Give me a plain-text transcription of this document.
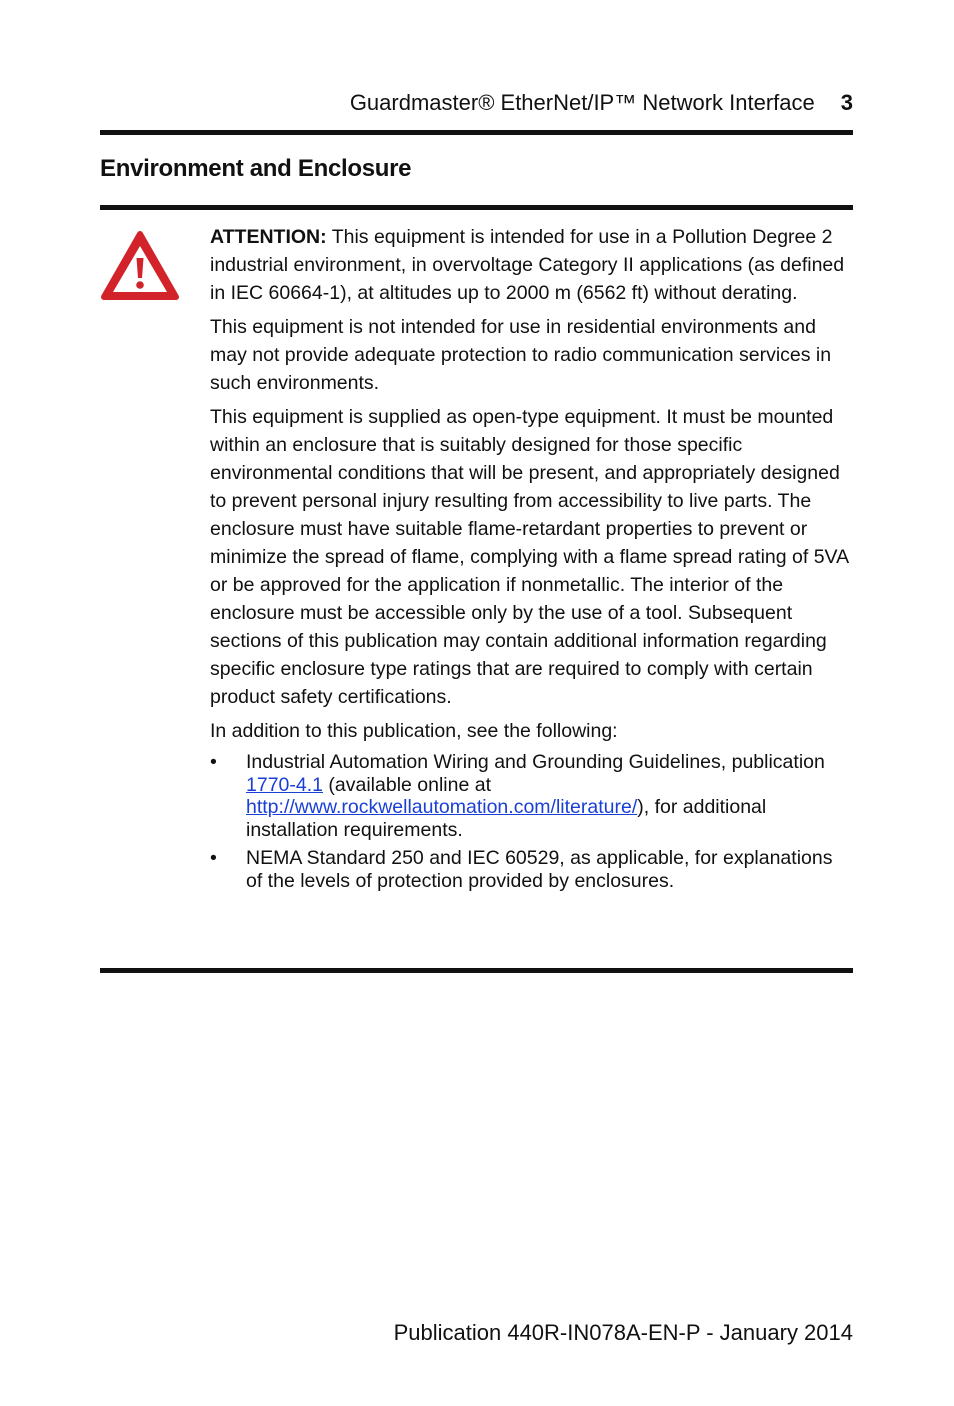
Guardmaster® EtherNet/IP™ Network Interface 3
Environment and Enclosure

ATTENTION: This equipment is intended for use in a Pollution Degree 2 industrial environment, in overvoltage Category II applications (as defined in IEC 60664-1), at altitudes up to 2000 m (6562 ft) without derating.

This equipment is not intended for use in residential environments and may not provide adequate protection to radio communication services in such environments.

This equipment is supplied as open-type equipment. It must be mounted within an enclosure that is suitably designed for those specific environmental conditions that will be present, and appropriately designed to prevent personal injury resulting from accessibility to live parts. The enclosure must have suitable flame-retardant properties to prevent or minimize the spread of flame, complying with a flame spread rating of 5VA or be approved for the application if nonmetallic. The interior of the enclosure must be accessible only by the use of a tool. Subsequent sections of this publication may contain additional information regarding specific enclosure type ratings that are required to comply with certain product safety certifications.

In addition to this publication, see the following:

• Industrial Automation Wiring and Grounding Guidelines, publication 1770-4.1 (available online at http://www.rockwellautomation.com/literature/), for additional installation requirements.
• NEMA Standard 250 and IEC 60529, as applicable, for explanations of the levels of protection provided by enclosures.
Publication 440R-IN078A-EN-P - January 2014
